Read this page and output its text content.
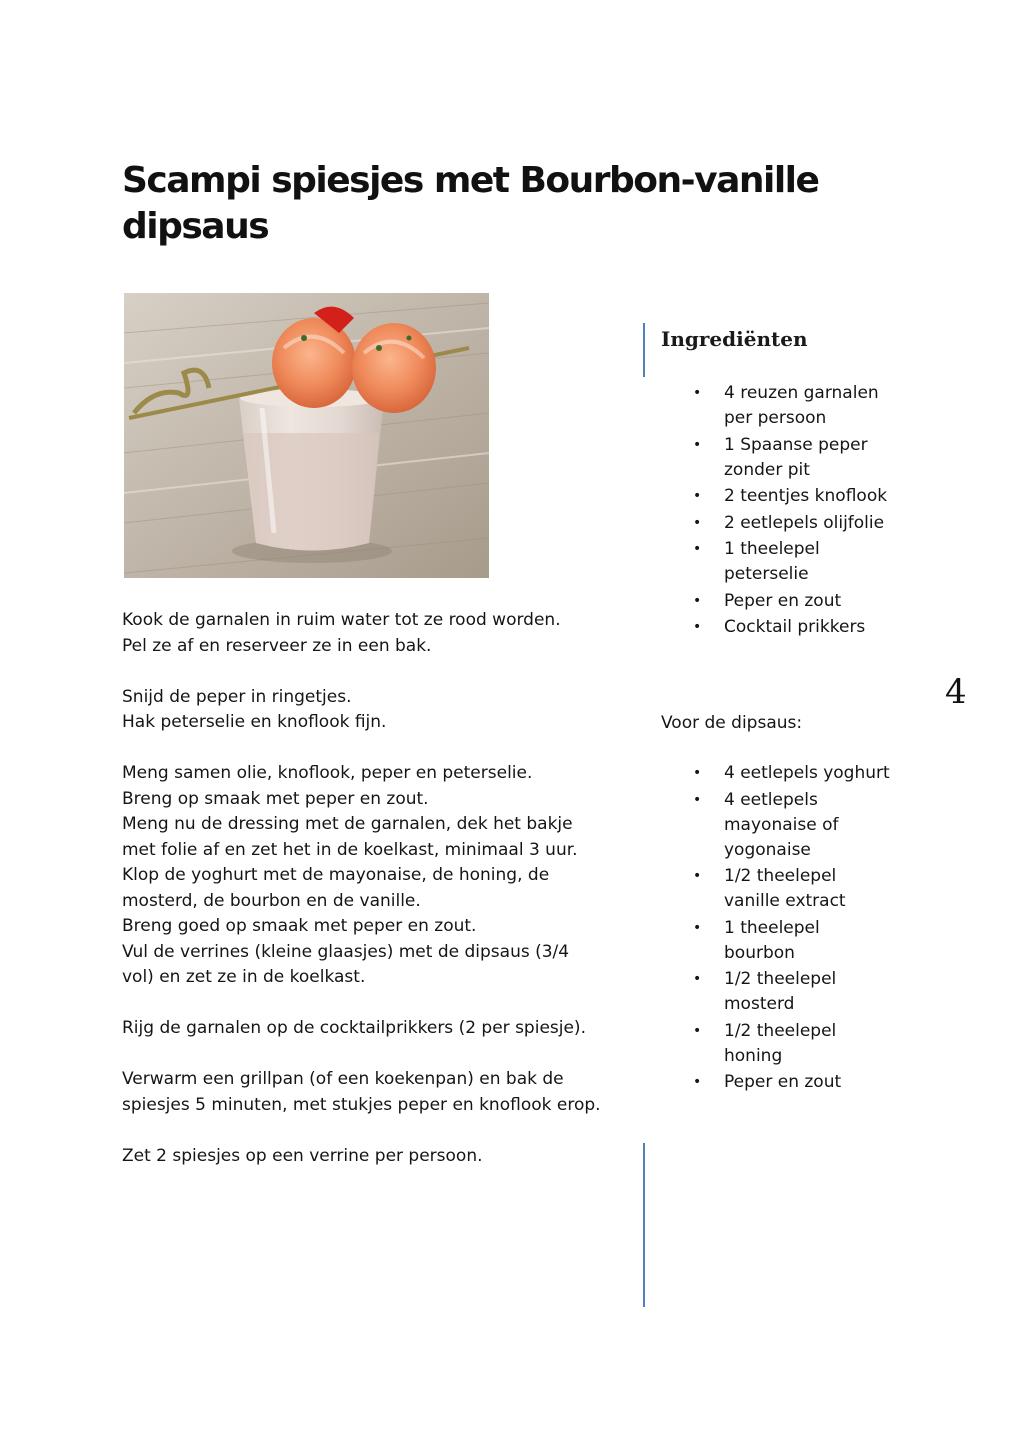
Scampi spiesjes met Bourbon-vanille dipsaus

Kook de garnalen in ruim water tot ze rood worden.
Pel ze af en reserveer ze in een bak.

Snijd de peper in ringetjes.
Hak peterselie en knoflook fijn.

Meng samen olie, knoflook, peper en peterselie.
Breng op smaak met peper en zout.
Meng nu de dressing met de garnalen, dek het bakje met folie af en zet het in de koelkast, minimaal 3 uur.
Klop de yoghurt met de mayonaise, de honing, de mosterd, de bourbon en de vanille.
Breng goed op smaak met peper en zout.
Vul de verrines (kleine glaasjes) met de dipsaus (3/4 vol) en zet ze in de koelkast.

Rijg de garnalen op de cocktailprikkers (2 per spiesje).

Verwarm een grillpan (of een koekenpan) en bak de spiesjes 5 minuten, met stukjes peper en knoflook erop.

Zet 2 spiesjes op een verrine per persoon.

Ingrediënten
• 4 reuzen garnalen per persoon
• 1 Spaanse peper zonder pit
• 2 teentjes knoflook
• 2 eetlepels olijfolie
• 1 theelepel peterselie
• Peper en zout
• Cocktail prikkers

Voor de dipsaus:

• 4 eetlepels yoghurt
• 4 eetlepels mayonaise of yogonaise
• 1/2 theelepel vanille extract
• 1 theelepel bourbon
• 1/2 theelepel mosterd
• 1/2 theelepel honing
• Peper en zout
4
